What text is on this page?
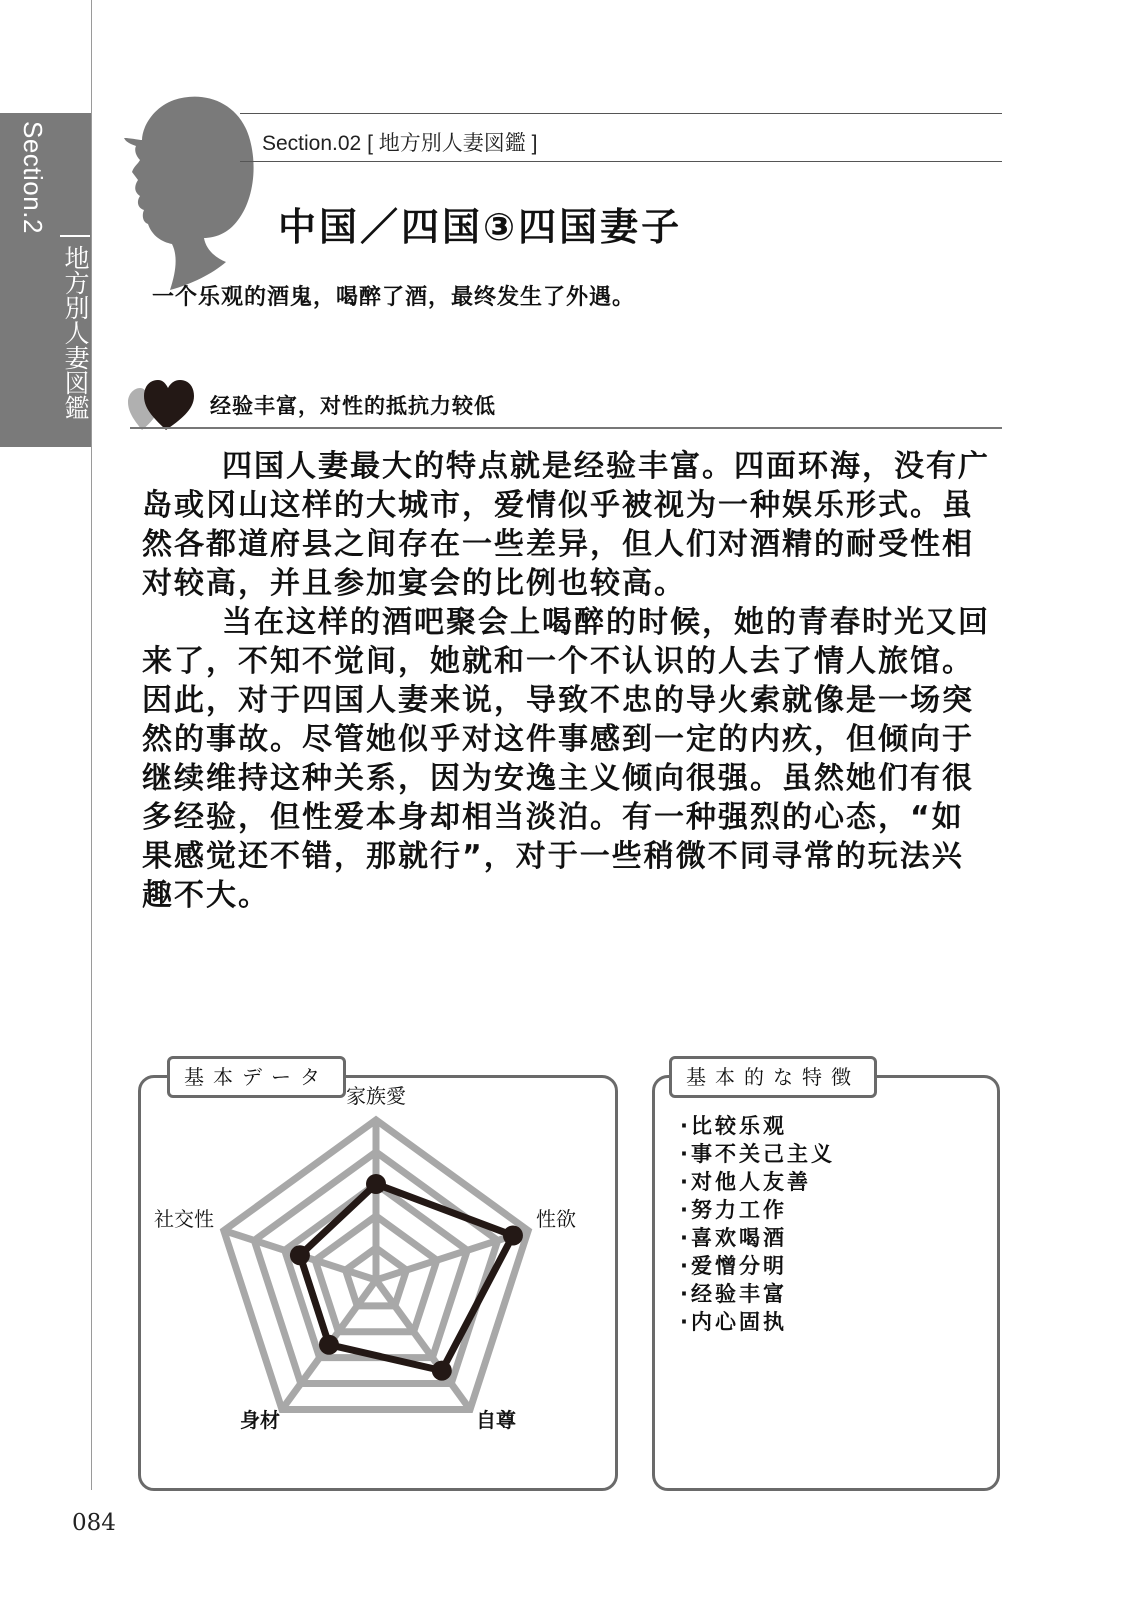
Section.2
地方別人妻図鑑
Section.02 [ 地方別人妻図鑑 ]
中国／四国③四国妻子
一个乐观的酒鬼，喝醉了酒，最终发生了外遇。
经验丰富，对性的抵抗力较低

四国人妻最大的特点就是经验丰富。四面环海，没有广岛或冈山这样的大城市，爱情似乎被视为一种娱乐形式。虽然各都道府县之间存在一些差异，但人们对酒精的耐受性相对较高，并且参加宴会的比例也较高。

当在这样的酒吧聚会上喝醉的时候，她的青春时光又回来了，不知不觉间，她就和一个不认识的人去了情人旅馆。因此，对于四国人妻来说，导致不忠的导火索就像是一场突然的事故。尽管她似乎对这件事感到一定的内疚，但倾向于继续维持这种关系，因为安逸主义倾向很强。虽然她们有很多经验，但性爱本身却相当淡泊。有一种强烈的心态，“如果感觉还不错，那就行”，对于一些稍微不同寻常的玩法兴趣不大。

基本データ
家族愛
性欲
自尊
身材
社交性
基本的な特徴
·比较乐观
·事不关己主义
·对他人友善
·努力工作
·喜欢喝酒
·爱憎分明
·经验丰富
·内心固执
084
